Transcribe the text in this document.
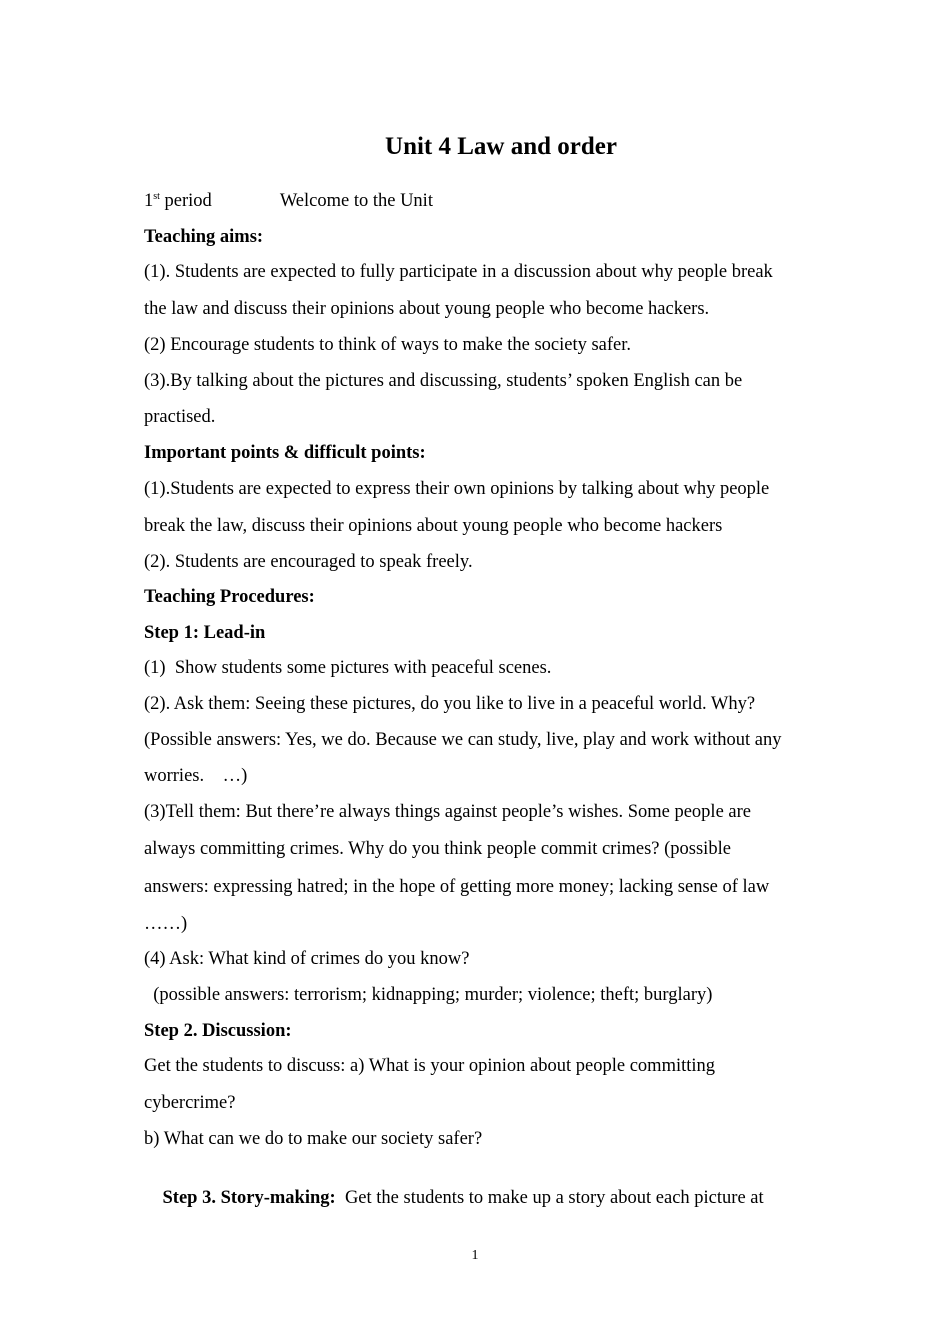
Unit 4 Law and order
1st period	Welcome to the Unit
Teaching aims:
(1). Students are expected to fully participate in a discussion about why people break
the law and discuss their opinions about young people who become hackers.
(2) Encourage students to think of ways to make the society safer.
(3).By talking about the pictures and discussing, students’ spoken English can be
practised.
Important points & difficult points:
(1).Students are expected to express their own opinions by talking about why people
break the law, discuss their opinions about young people who become hackers
(2). Students are encouraged to speak freely.
Teaching Procedures:
Step 1: Lead-in
(1)  Show students some pictures with peaceful scenes.
(2). Ask them: Seeing these pictures, do you like to live in a peaceful world. Why?
(Possible answers: Yes, we do. Because we can study, live, play and work without any
worries.    …)
(3)Tell them: But there’re always things against people’s wishes. Some people are
always committing crimes. Why do you think people commit crimes? (possible
answers: expressing hatred; in the hope of getting more money; lacking sense of law
……)
(4) Ask: What kind of crimes do you know?
(possible answers: terrorism; kidnapping; murder; violence; theft; burglary)
Step 2. Discussion:
Get the students to discuss: a) What is your opinion about people committing
cybercrime?
b) What can we do to make our society safer?

Step 3. Story-making:  Get the students to make up a story about each picture at

1
